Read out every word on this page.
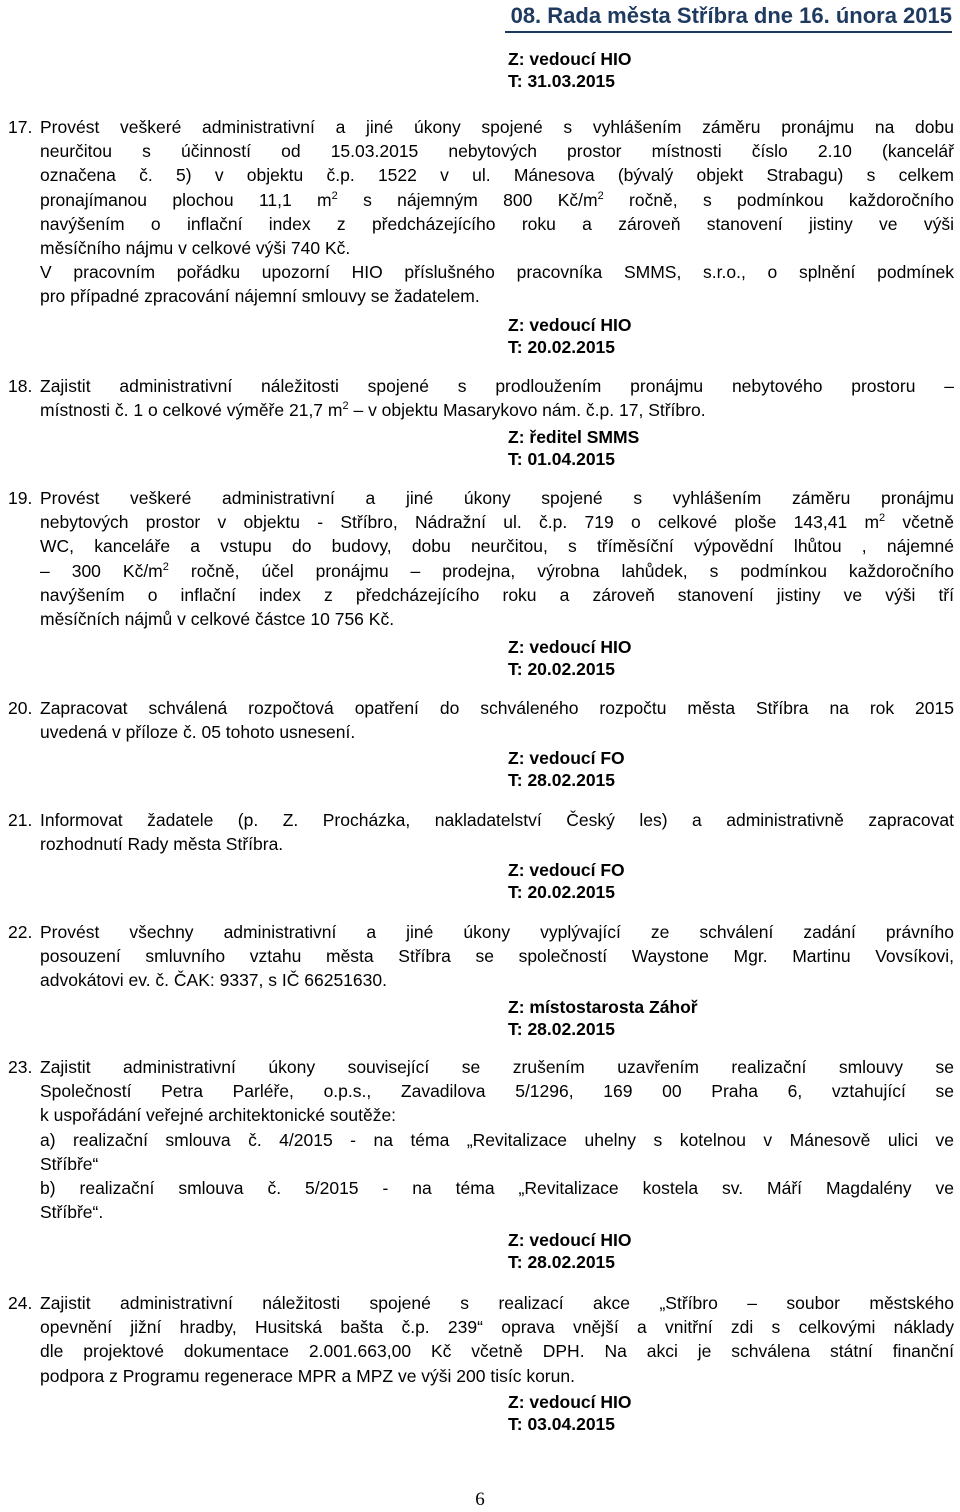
08. Rada města Stříbra dne 16. února 2015
Z: vedoucí HIO
T: 31.03.2015
17. Provést veškeré administrativní a jiné úkony spojené s vyhlášením záměru pronájmu na dobu
neurčitou s účinností od 15.03.2015 nebytových prostor místnosti číslo 2.10 (kancelář
označena č. 5) v objektu č.p. 1522 v ul. Mánesova (bývalý objekt Strabagu) s celkem
pronajímanou plochou 11,1 $m^2$ s nájemným 800 $Kč/m^2$ ročně, s podmínkou každoročního
navýšením o inflační index z předcházejícího roku a zároveň stanovení jistiny ve výši
měsíčního nájmu v celkové výši 740 Kč.
V pracovním pořádku upozorní HIO příslušného pracovníka SMMS, s.r.o., o splnění podmínek
pro případné zpracování nájemní smlouvy se žadatelem.
Z: vedoucí HIO
T: 20.02.2015
18. Zajistit administrativní náležitosti spojené s prodloužením pronájmu nebytového prostoru –
místnosti č. 1 o celkové výměře 21,7 $m^2$ – v objektu Masarykovo nám. č.p. 17, Stříbro.
Z: ředitel SMMS
T: 01.04.2015
19. Provést veškeré administrativní a jiné úkony spojené s vyhlášením záměru pronájmu
nebytových prostor v objektu - Stříbro, Nádražní ul. č.p. 719 o celkové ploše 143,41 $m^2$ včetně
WC, kanceláře a vstupu do budovy, dobu neurčitou, s tříměsíční výpovědní lhůtou , nájemné
– 300 $Kč/m^2$ ročně, účel pronájmu – prodejna, výrobna lahůdek, s podmínkou každoročního
navýšením o inflační index z předcházejícího roku a zároveň stanovení jistiny ve výši tří
měsíčních nájmů v celkové částce 10 756 Kč.
Z: vedoucí HIO
T: 20.02.2015
20. Zapracovat schválená rozpočtová opatření do schváleného rozpočtu města Stříbra na rok 2015
uvedená v příloze č. 05 tohoto usnesení.
Z: vedoucí FO
T: 28.02.2015
21. Informovat žadatele (p. Z. Procházka, nakladatelství Český les) a administrativně zapracovat
rozhodnutí Rady města Stříbra.
Z: vedoucí FO
T: 20.02.2015
22. Provést všechny administrativní a jiné úkony vyplývající ze schválení zadání právního
posouzení smluvního vztahu města Stříbra se společností Waystone Mgr. Martinu Vovsíkovi,
advokátovi ev. č. ČAK: 9337, s IČ 66251630.
Z: místostarosta Záhoř
T: 28.02.2015
23. Zajistit administrativní úkony související se zrušením uzavřením realizační smlouvy se
Společností Petra Parléře, o.p.s., Zavadilova 5/1296, 169 00 Praha 6, vztahující se
k uspořádání veřejné architektonické soutěže:
a) realizační smlouva č. 4/2015 - na téma „Revitalizace uhelny s kotelnou v Mánesově ulici ve
Stříbře“
b) realizační smlouva č. 5/2015 - na téma „Revitalizace kostela sv. Máří Magdalény ve
Stříbře“.
Z: vedoucí HIO
T: 28.02.2015
24. Zajistit administrativní náležitosti spojené s realizací akce „Stříbro – soubor městského
opevnění jižní hradby, Husitská bašta č.p. 239“ oprava vnější a vnitřní zdi s celkovými náklady
dle projektové dokumentace 2.001.663,00 Kč včetně DPH. Na akci je schválena státní finanční
podpora z Programu regenerace MPR a MPZ ve výši 200 tisíc korun.
Z: vedoucí HIO
T: 03.04.2015
6
